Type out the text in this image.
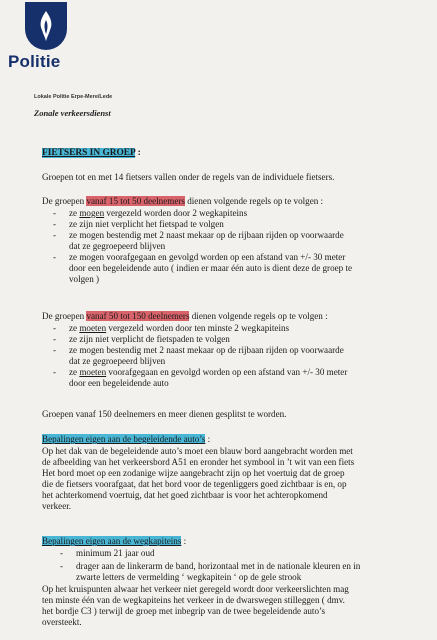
Politie
Lokale Politie Erpe-Mere/Lede
Zonale verkeersdienst
FIETSERS IN GROEP :
Groepen tot en met 14 fietsers vallen onder de regels van de individuele fietsers.
De groepen vanaf 15 tot 50 deelnemers dienen volgende regels op te volgen :
- ze mogen vergezeld worden door 2 wegkapiteins
- ze zijn niet verplicht het fietspad te volgen
- ze mogen bestendig met 2 naast mekaar op de rijbaan rijden op voorwaarde
dat ze gegroepeerd blijven
- ze mogen voorafgegaan en gevolgd worden op een afstand van +/- 30 meter
door een begeleidende auto ( indien er maar één auto is dient deze de groep te
volgen )
De groepen vanaf 50 tot 150 deelnemers dienen volgende regels op te volgen :
- ze moeten vergezeld worden door ten minste 2 wegkapiteins
- ze zijn niet verplicht de fietspaden te volgen
- ze mogen bestendig met 2 naast mekaar op de rijbaan rijden op voorwaarde
dat ze gegroepeerd blijven
- ze moeten voorafgegaan en gevolgd worden op een afstand van +/- 30 meter
door een begeleidende auto
Groepen vanaf 150 deelnemers en meer dienen gesplitst te worden.
Bepalingen eigen aan de begeleidende auto’s :
Op het dak van de begeleidende auto’s moet een blauw bord aangebracht worden met
de afbeelding van het verkeersbord A51 en eronder het symbool in ’t wit van een fiets
Het bord moet op een zodanige wijze aangebracht zijn op het voertuig dat de groep
die de fietsers voorafgaat, dat het bord voor de tegenliggers goed zichtbaar is en, op
het achterkomend voertuig, dat het goed zichtbaar is voor het achteropkomend
verkeer.
Bepalingen eigen aan de wegkapiteins :
- minimum 21 jaar oud
- drager aan de linkerarm de band, horizontaal met in de nationale kleuren en in
zwarte letters de vermelding ‘ wegkapitein ‘ op de gele strook
Op het kruispunten alwaar het verkeer niet geregeld wordt door verkeerslichten mag
ten minste één van de wegkapiteins het verkeer in de dwarswegen stilleggen ( dmv.
het bordje C3 ) terwijl de groep met inbegrip van de twee begeleidende auto’s
oversteekt.
